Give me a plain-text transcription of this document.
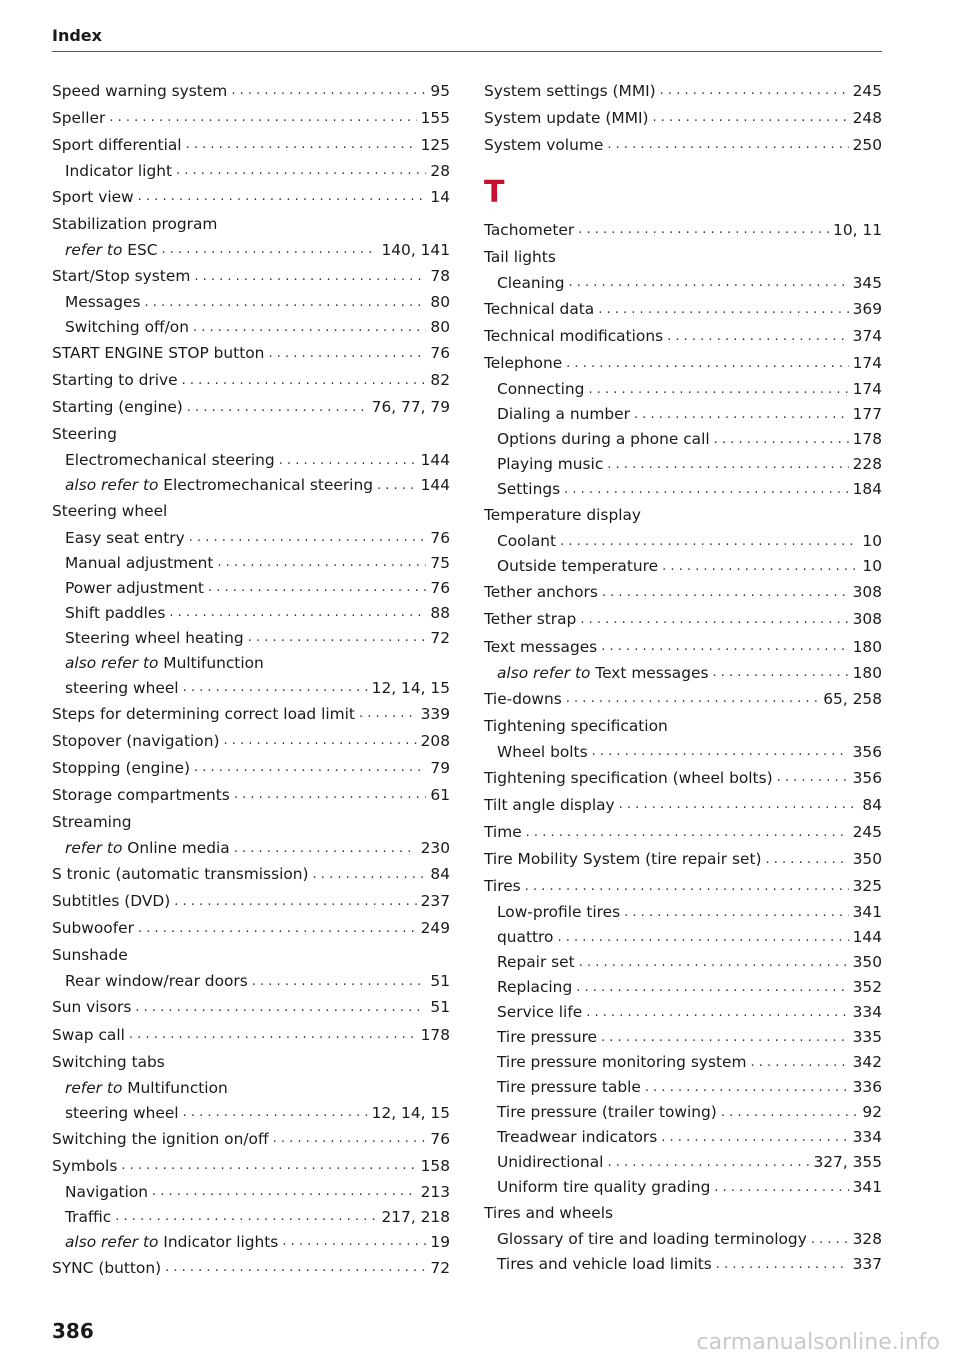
Index
Speed warning system . . .	95
Speller . . .	155
Sport differential . . .	125
Indicator light . . .	28
Sport view . . .	14
Stabilization program
refer to ESC . . .	140, 141
Start/Stop system . . .	78
Messages . . .	80
Switching off/on . . .	80
START ENGINE STOP button . . .	76
Starting to drive . . .	82
Starting (engine) . . .	76, 77, 79
Steering
Electromechanical steering . . .	144
also refer to Electromechanical steering . . .	144
Steering wheel
Easy seat entry . . .	76
Manual adjustment . . .	75
Power adjustment . . .	76
Shift paddles . . .	88
Steering wheel heating . . .	72
also refer to Multifunction
steering wheel . . .	12, 14, 15
Steps for determining correct load limit . . .	339
Stopover (navigation) . . .	208
Stopping (engine) . . .	79
Storage compartments . . .	61
Streaming
refer to Online media . . .	230
S tronic (automatic transmission) . . .	84
Subtitles (DVD) . . .	237
Subwoofer . . .	249
Sunshade
Rear window/rear doors . . .	51
Sun visors . . .	51
Swap call . . .	178
Switching tabs
refer to Multifunction
steering wheel . . .	12, 14, 15
Switching the ignition on/off . . .	76
Symbols . . .	158
Navigation . . .	213
Traffic . . .	217, 218
also refer to Indicator lights . . .	19
SYNC (button) . . .	72
System settings (MMI) . . .	245
System update (MMI) . . .	248
System volume . . .	250
T
Tachometer . . .	10, 11
Tail lights
Cleaning . . .	345
Technical data . . .	369
Technical modifications . . .	374
Telephone . . .	174
Connecting . . .	174
Dialing a number . . .	177
Options during a phone call . . .	178
Playing music . . .	228
Settings . . .	184
Temperature display
Coolant . . .	10
Outside temperature . . .	10
Tether anchors . . .	308
Tether strap . . .	308
Text messages . . .	180
also refer to Text messages . . .	180
Tie-downs . . .	65, 258
Tightening specification
Wheel bolts . . .	356
Tightening specification (wheel bolts) . . .	356
Tilt angle display . . .	84
Time . . .	245
Tire Mobility System (tire repair set) . . .	350
Tires . . .	325
Low-profile tires . . .	341
quattro . . .	144
Repair set . . .	350
Replacing . . .	352
Service life . . .	334
Tire pressure . . .	335
Tire pressure monitoring system . . .	342
Tire pressure table . . .	336
Tire pressure (trailer towing) . . .	92
Treadwear indicators . . .	334
Unidirectional . . .	327, 355
Uniform tire quality grading . . .	341
Tires and wheels
Glossary of tire and loading terminology . . .	328
Tires and vehicle load limits . . .	337
386	carmanualsonline.info
